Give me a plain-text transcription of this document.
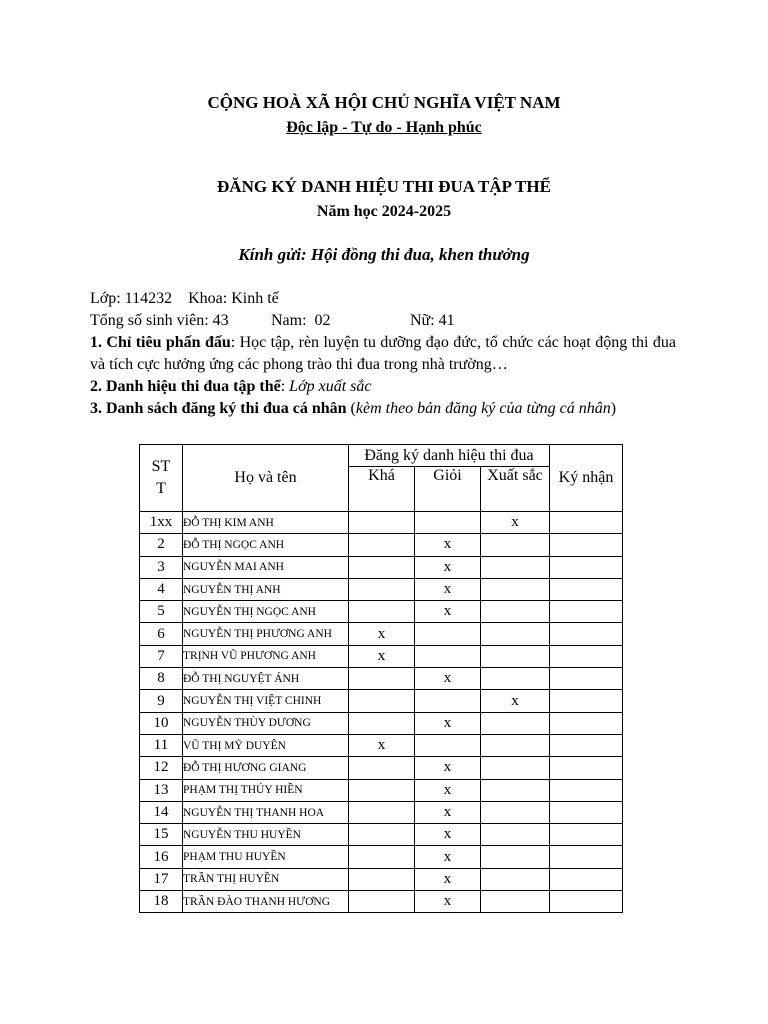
CỘNG HOÀ XÃ HỘI CHỦ NGHĨA VIỆT NAM
Độc lập - Tự do - Hạnh phúc
ĐĂNG KÝ DANH HIỆU THI ĐUA TẬP THỂ
Năm học 2024-2025
Kính gửi: Hội đồng thi đua, khen thưởng
Lớp: 114232 Khoa: Kinh tế
Tổng số sinh viên: 43	Nam: 02	Nữ: 41
1. Chỉ tiêu phấn đấu: Học tập, rèn luyện tu dưỡng đạo đức, tổ chức các hoạt động thi đua và tích cực hưởng ứng các phong trào thi đua trong nhà trường…
2. Danh hiệu thi đua tập thể: Lớp xuất sắc
3. Danh sách đăng ký thi đua cá nhân (kèm theo bản đăng ký của từng cá nhân)
ST T	Họ và tên	Đăng ký danh hiệu thi đua			Ký nhận
		Khá	Giỏi	Xuất sắc	
1xx	ĐỖ THỊ KIM ANH			x	
2	ĐỖ THỊ NGỌC ANH		x		
3	NGUYỄN MAI ANH		x		
4	NGUYỄN THỊ ANH		x		
5	NGUYỄN THỊ NGỌC ANH		x		
6	NGUYỄN THỊ PHƯƠNG ANH	x			
7	TRỊNH VŨ PHƯƠNG ANH	x			
8	ĐỖ THỊ NGUYỆT ÁNH		x		
9	NGUYỄN THỊ VIỆT CHINH			x	
10	NGUYỄN THÙY DƯƠNG		x		
11	VŨ THỊ MỸ DUYÊN	x			
12	ĐỖ THỊ HƯƠNG GIANG		x		
13	PHẠM THỊ THÚY HIỀN		x		
14	NGUYỄN THỊ THANH HOA		x		
15	NGUYỄN THU HUYỀN		x		
16	PHẠM THU HUYỀN		x		
17	TRẦN THỊ HUYỀN		x		
18	TRẦN ĐÀO THANH HƯƠNG		x		
